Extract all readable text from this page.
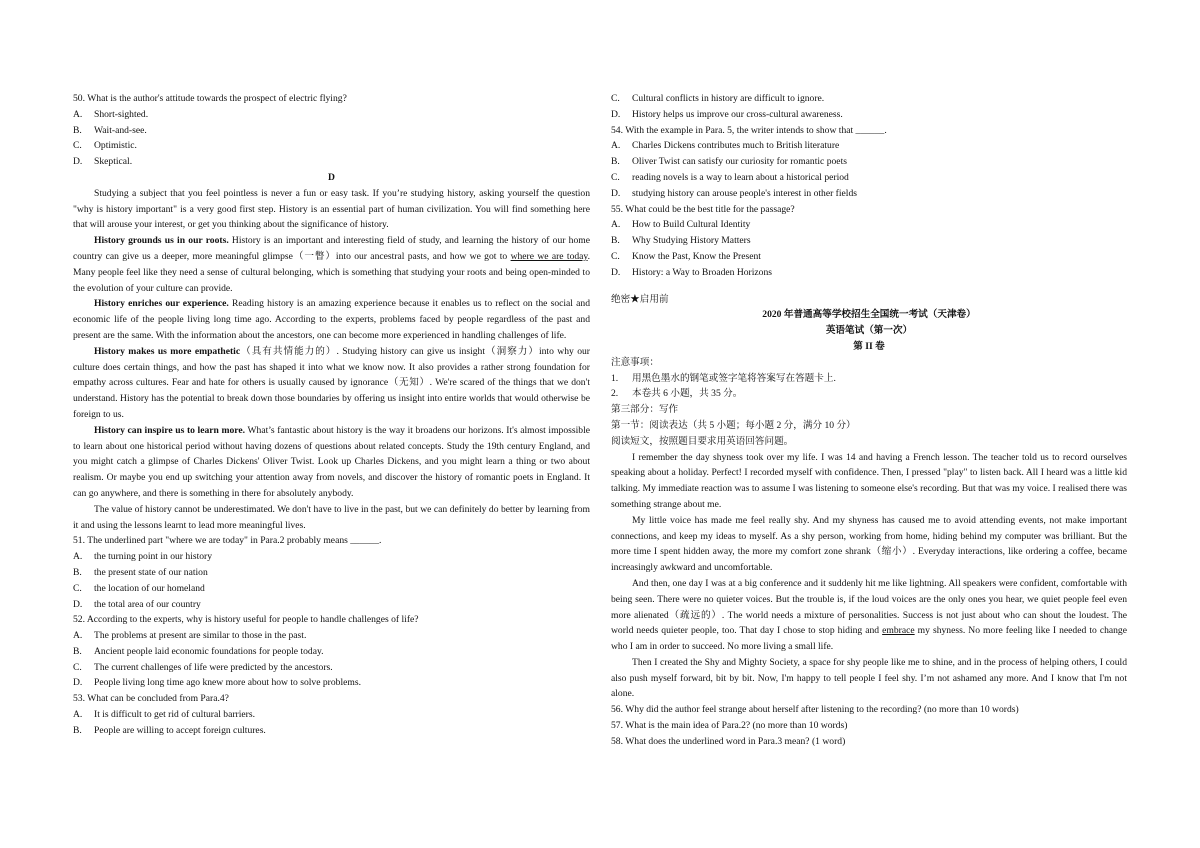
50. What is the author's attitude towards the prospect of electric flying?
A.	Short-sighted.
B.	Wait-and-see.
C.	Optimistic.
D.	Skeptical.
D

Studying a subject that you feel pointless is never a fun or easy task. If you’re studying history, asking yourself the question "why is history important" is a very good first step. History is an essential part of human civilization. You will find something here that will arouse your interest, or get you thinking about the significance of history.

History grounds us in our roots. History is an important and interesting field of study, and learning the history of our home country can give us a deeper, more meaningful glimpse（一瞥）into our ancestral pasts, and how we got to where we are today. Many people feel like they need a sense of cultural belonging, which is something that studying your roots and being open-minded to the evolution of your culture can provide.

History enriches our experience. Reading history is an amazing experience because it enables us to reflect on the social and economic life of the people living long time ago. According to the experts, problems faced by people regardless of the past and present are the same. With the information about the ancestors, one can become more experienced in handling challenges of life.

History makes us more empathetic（具有共情能力的）. Studying history can give us insight（洞察力）into why our culture does certain things, and how the past has shaped it into what we know now. It also provides a rather strong foundation for empathy across cultures. Fear and hate for others is usually caused by ignorance（无知）. We're scared of the things that we don't understand. History has the potential to break down those boundaries by offering us insight into entire worlds that would otherwise be foreign to us.

History can inspire us to learn more. What’s fantastic about history is the way it broadens our horizons. It's almost impossible to learn about one historical period without having dozens of questions about related concepts. Study the 19th century England, and you might catch a glimpse of Charles Dickens' Oliver Twist. Look up Charles Dickens, and you might learn a thing or two about realism. Or maybe you end up switching your attention away from novels, and discover the history of romantic poets in England. It can go anywhere, and there is something in there for absolutely anybody.

The value of history cannot be underestimated. We don't have to live in the past, but we can definitely do better by learning from it and using the lessons learnt to lead more meaningful lives.

51. The underlined part "where we are today" in Para.2 probably means ______.
A.	the turning point in our history
B.	the present state of our nation
C.	the location of our homeland
D.	the total area of our country
52. According to the experts, why is history useful for people to handle challenges of life?
A.	The problems at present are similar to those in the past.
B.	Ancient people laid economic foundations for people today.
C.	The current challenges of life were predicted by the ancestors.
D.	People living long time ago knew more about how to solve problems.
53. What can be concluded from Para.4?
A.	It is difficult to get rid of cultural barriers.
B.	People are willing to accept foreign cultures.
C.	Cultural conflicts in history are difficult to ignore.
D.	History helps us improve our cross-cultural awareness.
54. With the example in Para. 5, the writer intends to show that ______.
A.	Charles Dickens contributes much to British literature
B.	Oliver Twist can satisfy our curiosity for romantic poets
C.	reading novels is a way to learn about a historical period
D.	studying history can arouse people's interest in other fields
55. What could be the best title for the passage?
A.	How to Build Cultural Identity
B.	Why Studying History Matters
C.	Know the Past, Know the Present
D.	History: a Way to Broaden Horizons
绝密★启用前
2020 年普通高等学校招生全国统一考试（天津卷）
英语笔试（第一次）
第 II 卷
注意事项：
1.	用黑色墨水的钢笔或签字笔将答案写在答题卡上.
2.	本卷共 6 小题，共 35 分。
第三部分：写作
第一节：阅读表达（共 5 小题；每小题 2 分，满分 10 分）
阅读短文，按照题目要求用英语回答问题。

I remember the day shyness took over my life. I was 14 and having a French lesson. The teacher told us to record ourselves speaking about a holiday. Perfect! I recorded myself with confidence. Then, I pressed "play" to listen back. All I heard was a little kid talking. My immediate reaction was to assume I was listening to someone else's recording. But that was my voice. I realised there was something strange about me.

My little voice has made me feel really shy. And my shyness has caused me to avoid attending events, not make important connections, and keep my ideas to myself. As a shy person, working from home, hiding behind my computer was brilliant. But the more time I spent hidden away, the more my comfort zone shrank（缩小）. Everyday interactions, like ordering a coffee, became increasingly awkward and uncomfortable.

And then, one day I was at a big conference and it suddenly hit me like lightning. All speakers were confident, comfortable with being seen. There were no quieter voices. But the trouble is, if the loud voices are the only ones you hear, we quiet people feel even more alienated（疏远的）. The world needs a mixture of personalities. Success is not just about who can shout the loudest. The world needs quieter people, too. That day I chose to stop hiding and embrace my shyness. No more feeling like I needed to change who I am in order to succeed. No more living a small life.

Then I created the Shy and Mighty Society, a space for shy people like me to shine, and in the process of helping others, I could also push myself forward, bit by bit. Now, I'm happy to tell people I feel shy. I’m not ashamed any more. And I know that I'm not alone.

56. Why did the author feel strange about herself after listening to the recording? (no more than 10 words)
57. What is the main idea of Para.2? (no more than 10 words)
58. What does the underlined word in Para.3 mean? (1 word)
